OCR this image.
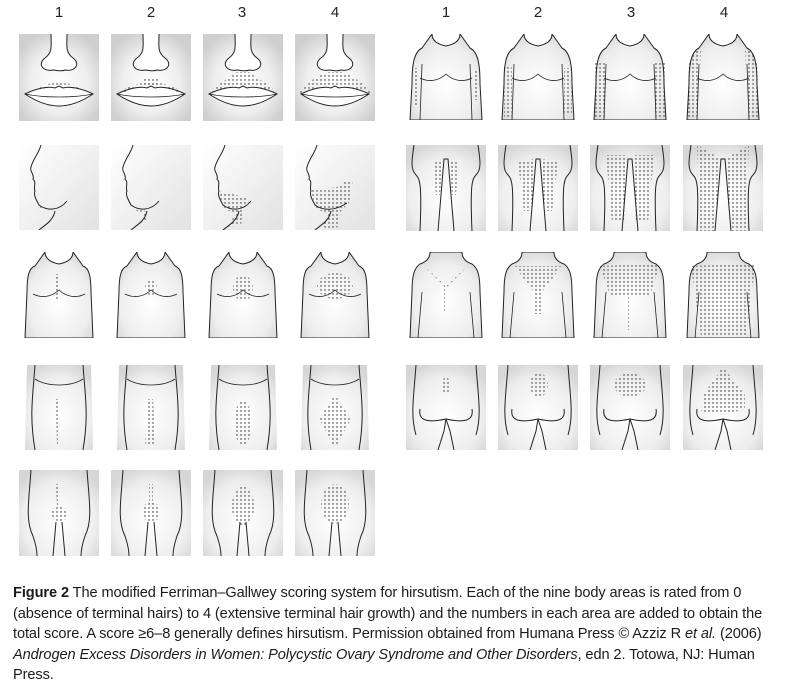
1	2	3	4	1	2	3	4
Figure 2 The modified Ferriman–Gallwey scoring system for hirsutism. Each of the nine body areas is rated from 0 (absence of terminal hairs) to 4 (extensive terminal hair growth) and the numbers in each area are added to obtain the total score. A score ≥6–8 generally defines hirsutism. Permission obtained from Humana Press © Azziz R et al. (2006) Androgen Excess Disorders in Women: Polycystic Ovary Syndrome and Other Disorders, edn 2. Totowa, NJ: Human Press.
